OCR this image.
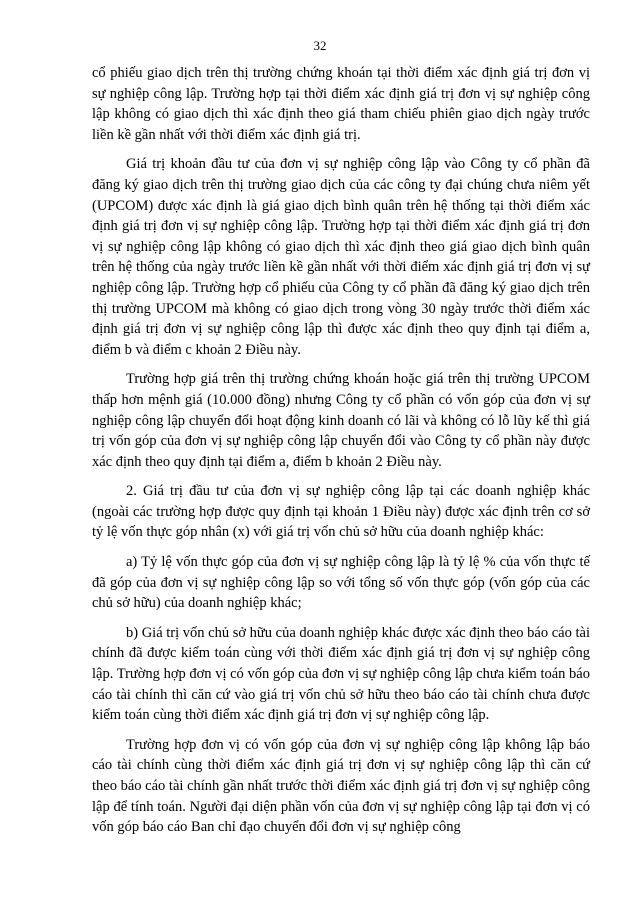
32

cổ phiếu giao dịch trên thị trường chứng khoán tại thời điểm xác định giá trị đơn vị sự nghiệp công lập. Trường hợp tại thời điểm xác định giá trị đơn vị sự nghiệp công lập không có giao dịch thì xác định theo giá tham chiếu phiên giao dịch ngày trước liền kề gần nhất với thời điểm xác định giá trị.

Giá trị khoản đầu tư của đơn vị sự nghiệp công lập vào Công ty cổ phần đã đăng ký giao dịch trên thị trường giao dịch của các công ty đại chúng chưa niêm yết (UPCOM) được xác định là giá giao dịch bình quân trên hệ thống tại thời điểm xác định giá trị đơn vị sự nghiệp công lập. Trường hợp tại thời điểm xác định giá trị đơn vị sự nghiệp công lập không có giao dịch thì xác định theo giá giao dịch bình quân trên hệ thống của ngày trước liền kề gần nhất với thời điểm xác định giá trị đơn vị sự nghiệp công lập. Trường hợp cổ phiếu của Công ty cổ phần đã đăng ký giao dịch trên thị trường UPCOM mà không có giao dịch trong vòng 30 ngày trước thời điểm xác định giá trị đơn vị sự nghiệp công lập thì được xác định theo quy định tại điểm a, điểm b và điểm c khoản 2 Điều này.

Trường hợp giá trên thị trường chứng khoán hoặc giá trên thị trường UPCOM thấp hơn mệnh giá (10.000 đồng) nhưng Công ty cổ phần có vốn góp của đơn vị sự nghiệp công lập chuyển đổi hoạt động kinh doanh có lãi và không có lỗ lũy kế thì giá trị vốn góp của đơn vị sự nghiệp công lập chuyển đổi vào Công ty cổ phần này được xác định theo quy định tại điểm a, điểm b khoản 2 Điều này.

2. Giá trị đầu tư của đơn vị sự nghiệp công lập tại các doanh nghiệp khác (ngoài các trường hợp được quy định tại khoản 1 Điều này) được xác định trên cơ sở tỷ lệ vốn thực góp nhân (x) với giá trị vốn chủ sở hữu của doanh nghiệp khác:

a) Tỷ lệ vốn thực góp của đơn vị sự nghiệp công lập là tỷ lệ % của vốn thực tế đã góp của đơn vị sự nghiệp công lập so với tổng số vốn thực góp (vốn góp của các chủ sở hữu) của doanh nghiệp khác;

b) Giá trị vốn chủ sở hữu của doanh nghiệp khác được xác định theo báo cáo tài chính đã được kiểm toán cùng với thời điểm xác định giá trị đơn vị sự nghiệp công lập. Trường hợp đơn vị có vốn góp của đơn vị sự nghiệp công lập chưa kiểm toán báo cáo tài chính thì căn cứ vào giá trị vốn chủ sở hữu theo báo cáo tài chính chưa được kiểm toán cùng thời điểm xác định giá trị đơn vị sự nghiệp công lập.

Trường hợp đơn vị có vốn góp của đơn vị sự nghiệp công lập không lập báo cáo tài chính cùng thời điểm xác định giá trị đơn vị sự nghiệp công lập thì căn cứ theo báo cáo tài chính gần nhất trước thời điểm xác định giá trị đơn vị sự nghiệp công lập để tính toán. Người đại diện phần vốn của đơn vị sự nghiệp công lập tại đơn vị có vốn góp báo cáo Ban chỉ đạo chuyển đổi đơn vị sự nghiệp công
